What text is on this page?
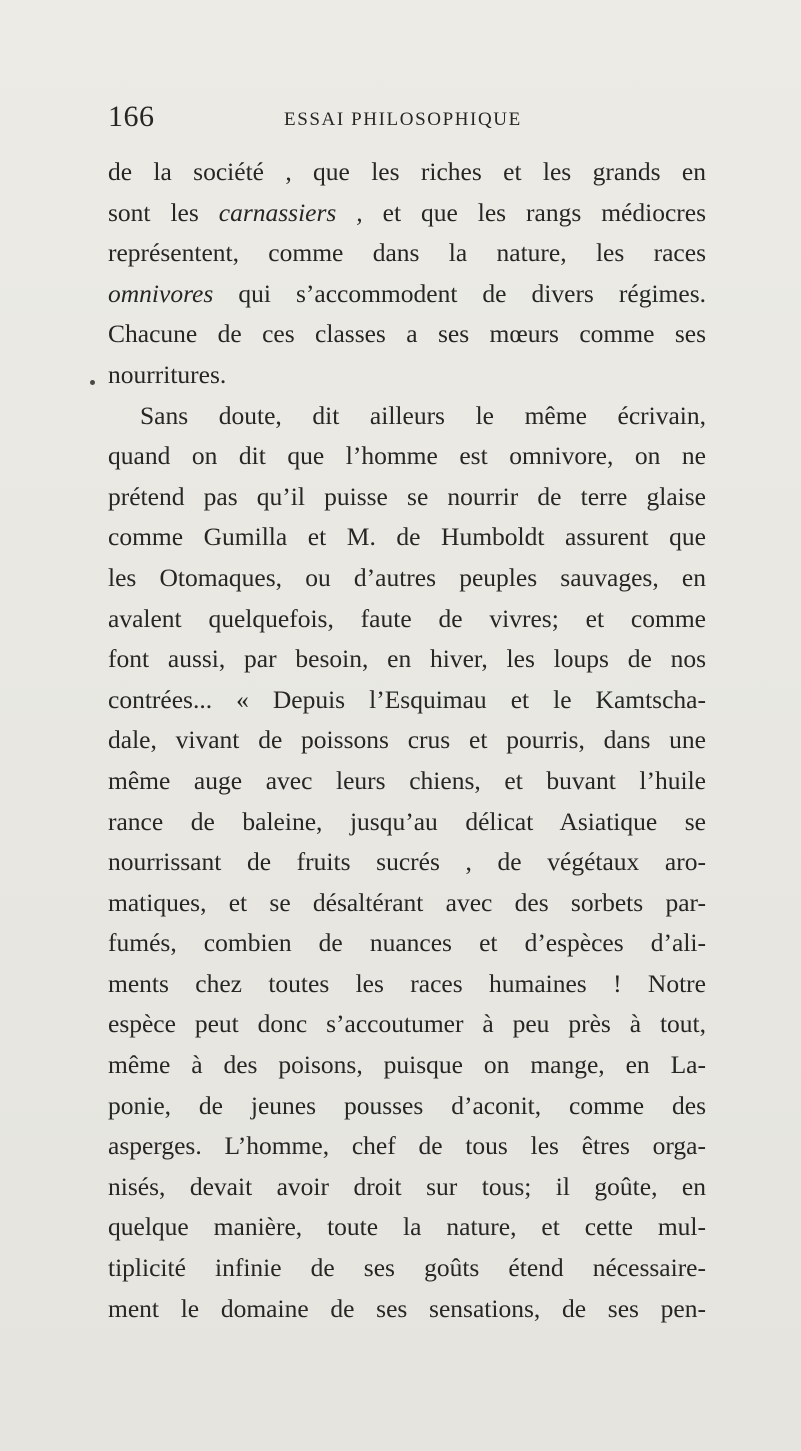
166	ESSAI PHILOSOPHIQUE
de la société , que les riches et les grands en
sont les carnassiers , et que les rangs médiocres
représentent, comme dans la nature, les races
omnivores qui s’accommodent de divers régimes.
Chacune de ces classes a ses mœurs comme ses
nourritures.
Sans doute, dit ailleurs le même écrivain,
quand on dit que l’homme est omnivore, on ne
prétend pas qu’il puisse se nourrir de terre glaise
comme Gumilla et M. de Humboldt assurent que
les Otomaques, ou d’autres peuples sauvages, en
avalent quelquefois, faute de vivres; et comme
font aussi, par besoin, en hiver, les loups de nos
contrées... « Depuis l’Esquimau et le Kamtscha-
dale, vivant de poissons crus et pourris, dans une
même auge avec leurs chiens, et buvant l’huile
rance de baleine, jusqu’au délicat Asiatique se
nourrissant de fruits sucrés , de végétaux aro-
matiques, et se désaltérant avec des sorbets par-
fumés, combien de nuances et d’espèces d’ali-
ments chez toutes les races humaines ! Notre
espèce peut donc s’accoutumer à peu près à tout,
même à des poisons, puisque on mange, en La-
ponie, de jeunes pousses d’aconit, comme des
asperges. L’homme, chef de tous les êtres orga-
nisés, devait avoir droit sur tous; il goûte, en
quelque manière, toute la nature, et cette mul-
tiplicité infinie de ses goûts étend nécessaire-
ment le domaine de ses sensations, de ses pen-
